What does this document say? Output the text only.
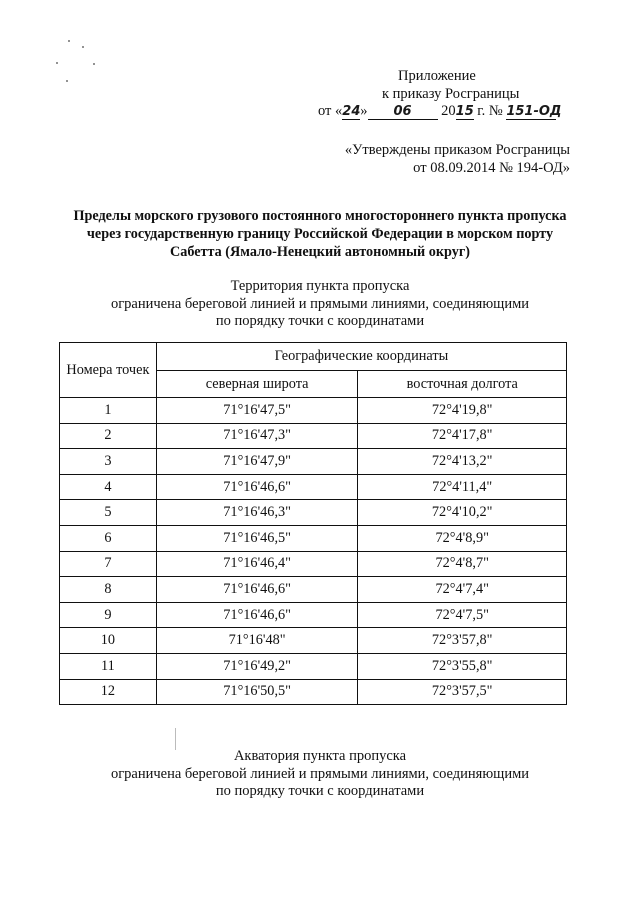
Приложение
к приказу Росграницы
от «24» 06 2015 г. № 151-ОД
«Утверждены приказом Росграницы
от 08.09.2014 № 194-ОД»
Пределы морского грузового постоянного многостороннего пункта пропуска через государственную границу Российской Федерации в морском порту Сабетта (Ямало-Ненецкий автономный округ)
Территория пункта пропуска
ограничена береговой линией и прямыми линиями, соединяющими
по порядку точки с координатами
Номера точек	Географические координаты	
	северная широта	восточная долгота
1	71°16'47,5"	72°4'19,8"
2	71°16'47,3"	72°4'17,8"
3	71°16'47,9"	72°4'13,2"
4	71°16'46,6"	72°4'11,4"
5	71°16'46,3"	72°4'10,2"
6	71°16'46,5"	72°4'8,9"
7	71°16'46,4"	72°4'8,7"
8	71°16'46,6"	72°4'7,4"
9	71°16'46,6"	72°4'7,5"
10	71°16'48"	72°3'57,8"
11	71°16'49,2"	72°3'55,8"
12	71°16'50,5"	72°3'57,5"
Акватория пункта пропуска
ограничена береговой линией и прямыми линиями, соединяющими
по порядку точки с координатами
